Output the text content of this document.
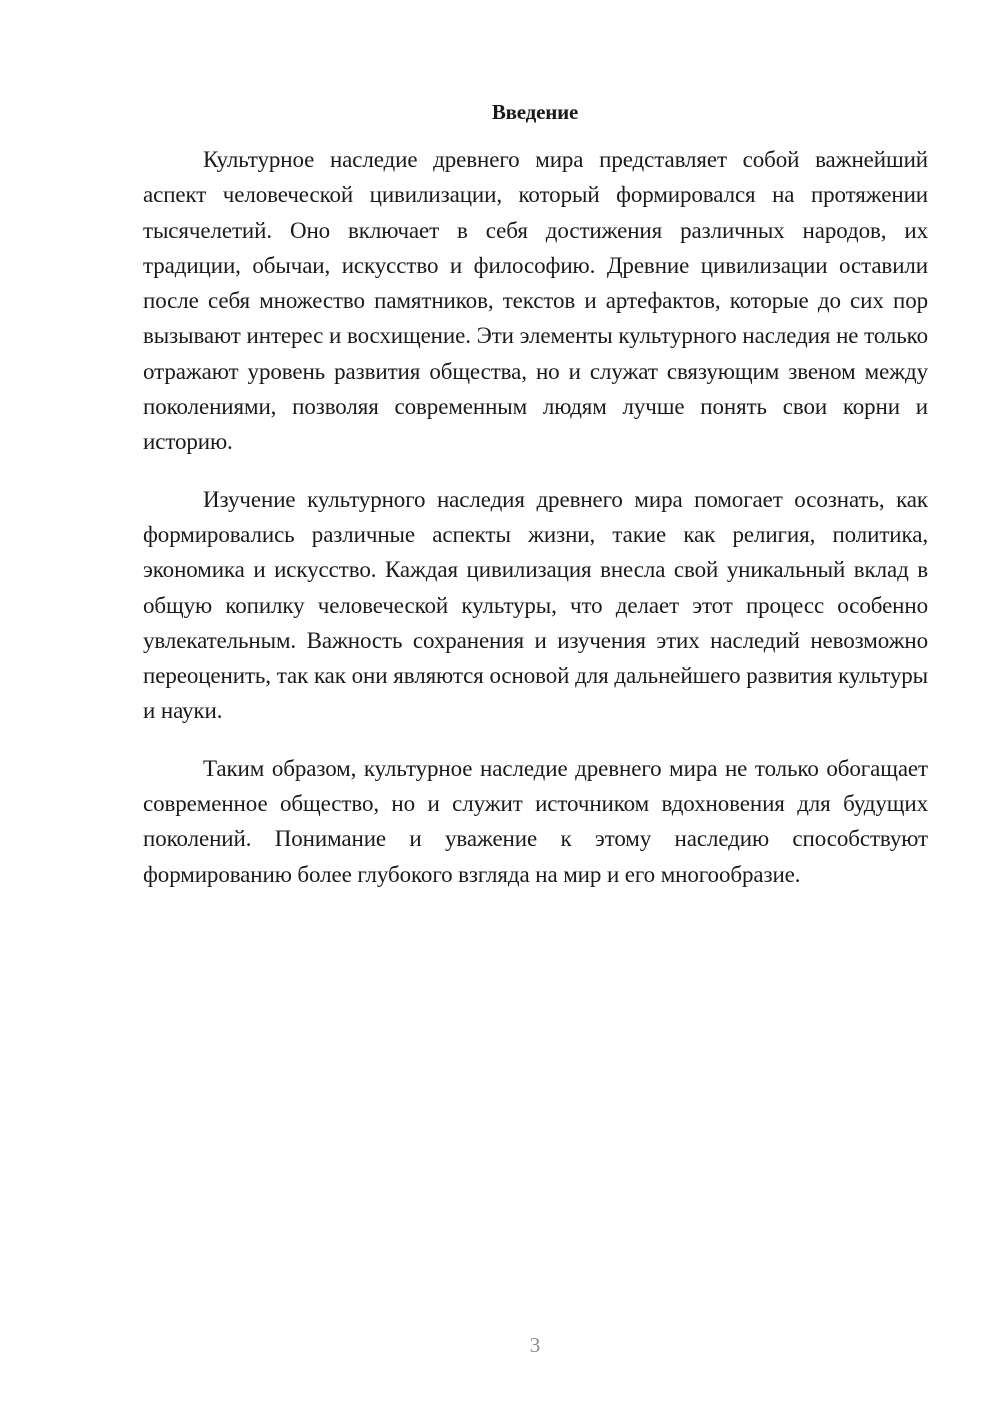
Введение

Культурное наследие древнего мира представляет собой важнейший аспект человеческой цивилизации, который формировался на протяжении тысячелетий. Оно включает в себя достижения различных народов, их традиции, обычаи, искусство и философию. Древние цивилизации оставили после себя множество памятников, текстов и артефактов, которые до сих пор вызывают интерес и восхищение. Эти элементы культурного наследия не только отражают уровень развития общества, но и служат связующим звеном между поколениями, позволяя современным людям лучше понять свои корни и историю.

Изучение культурного наследия древнего мира помогает осознать, как формировались различные аспекты жизни, такие как религия, политика, экономика и искусство. Каждая цивилизация внесла свой уникальный вклад в общую копилку человеческой культуры, что делает этот процесс особенно увлекательным. Важность сохранения и изучения этих наследий невозможно переоценить, так как они являются основой для дальнейшего развития культуры и науки.

Таким образом, культурное наследие древнего мира не только обогащает современное общество, но и служит источником вдохновения для будущих поколений. Понимание и уважение к этому наследию способствуют формированию более глубокого взгляда на мир и его многообразие.

3
